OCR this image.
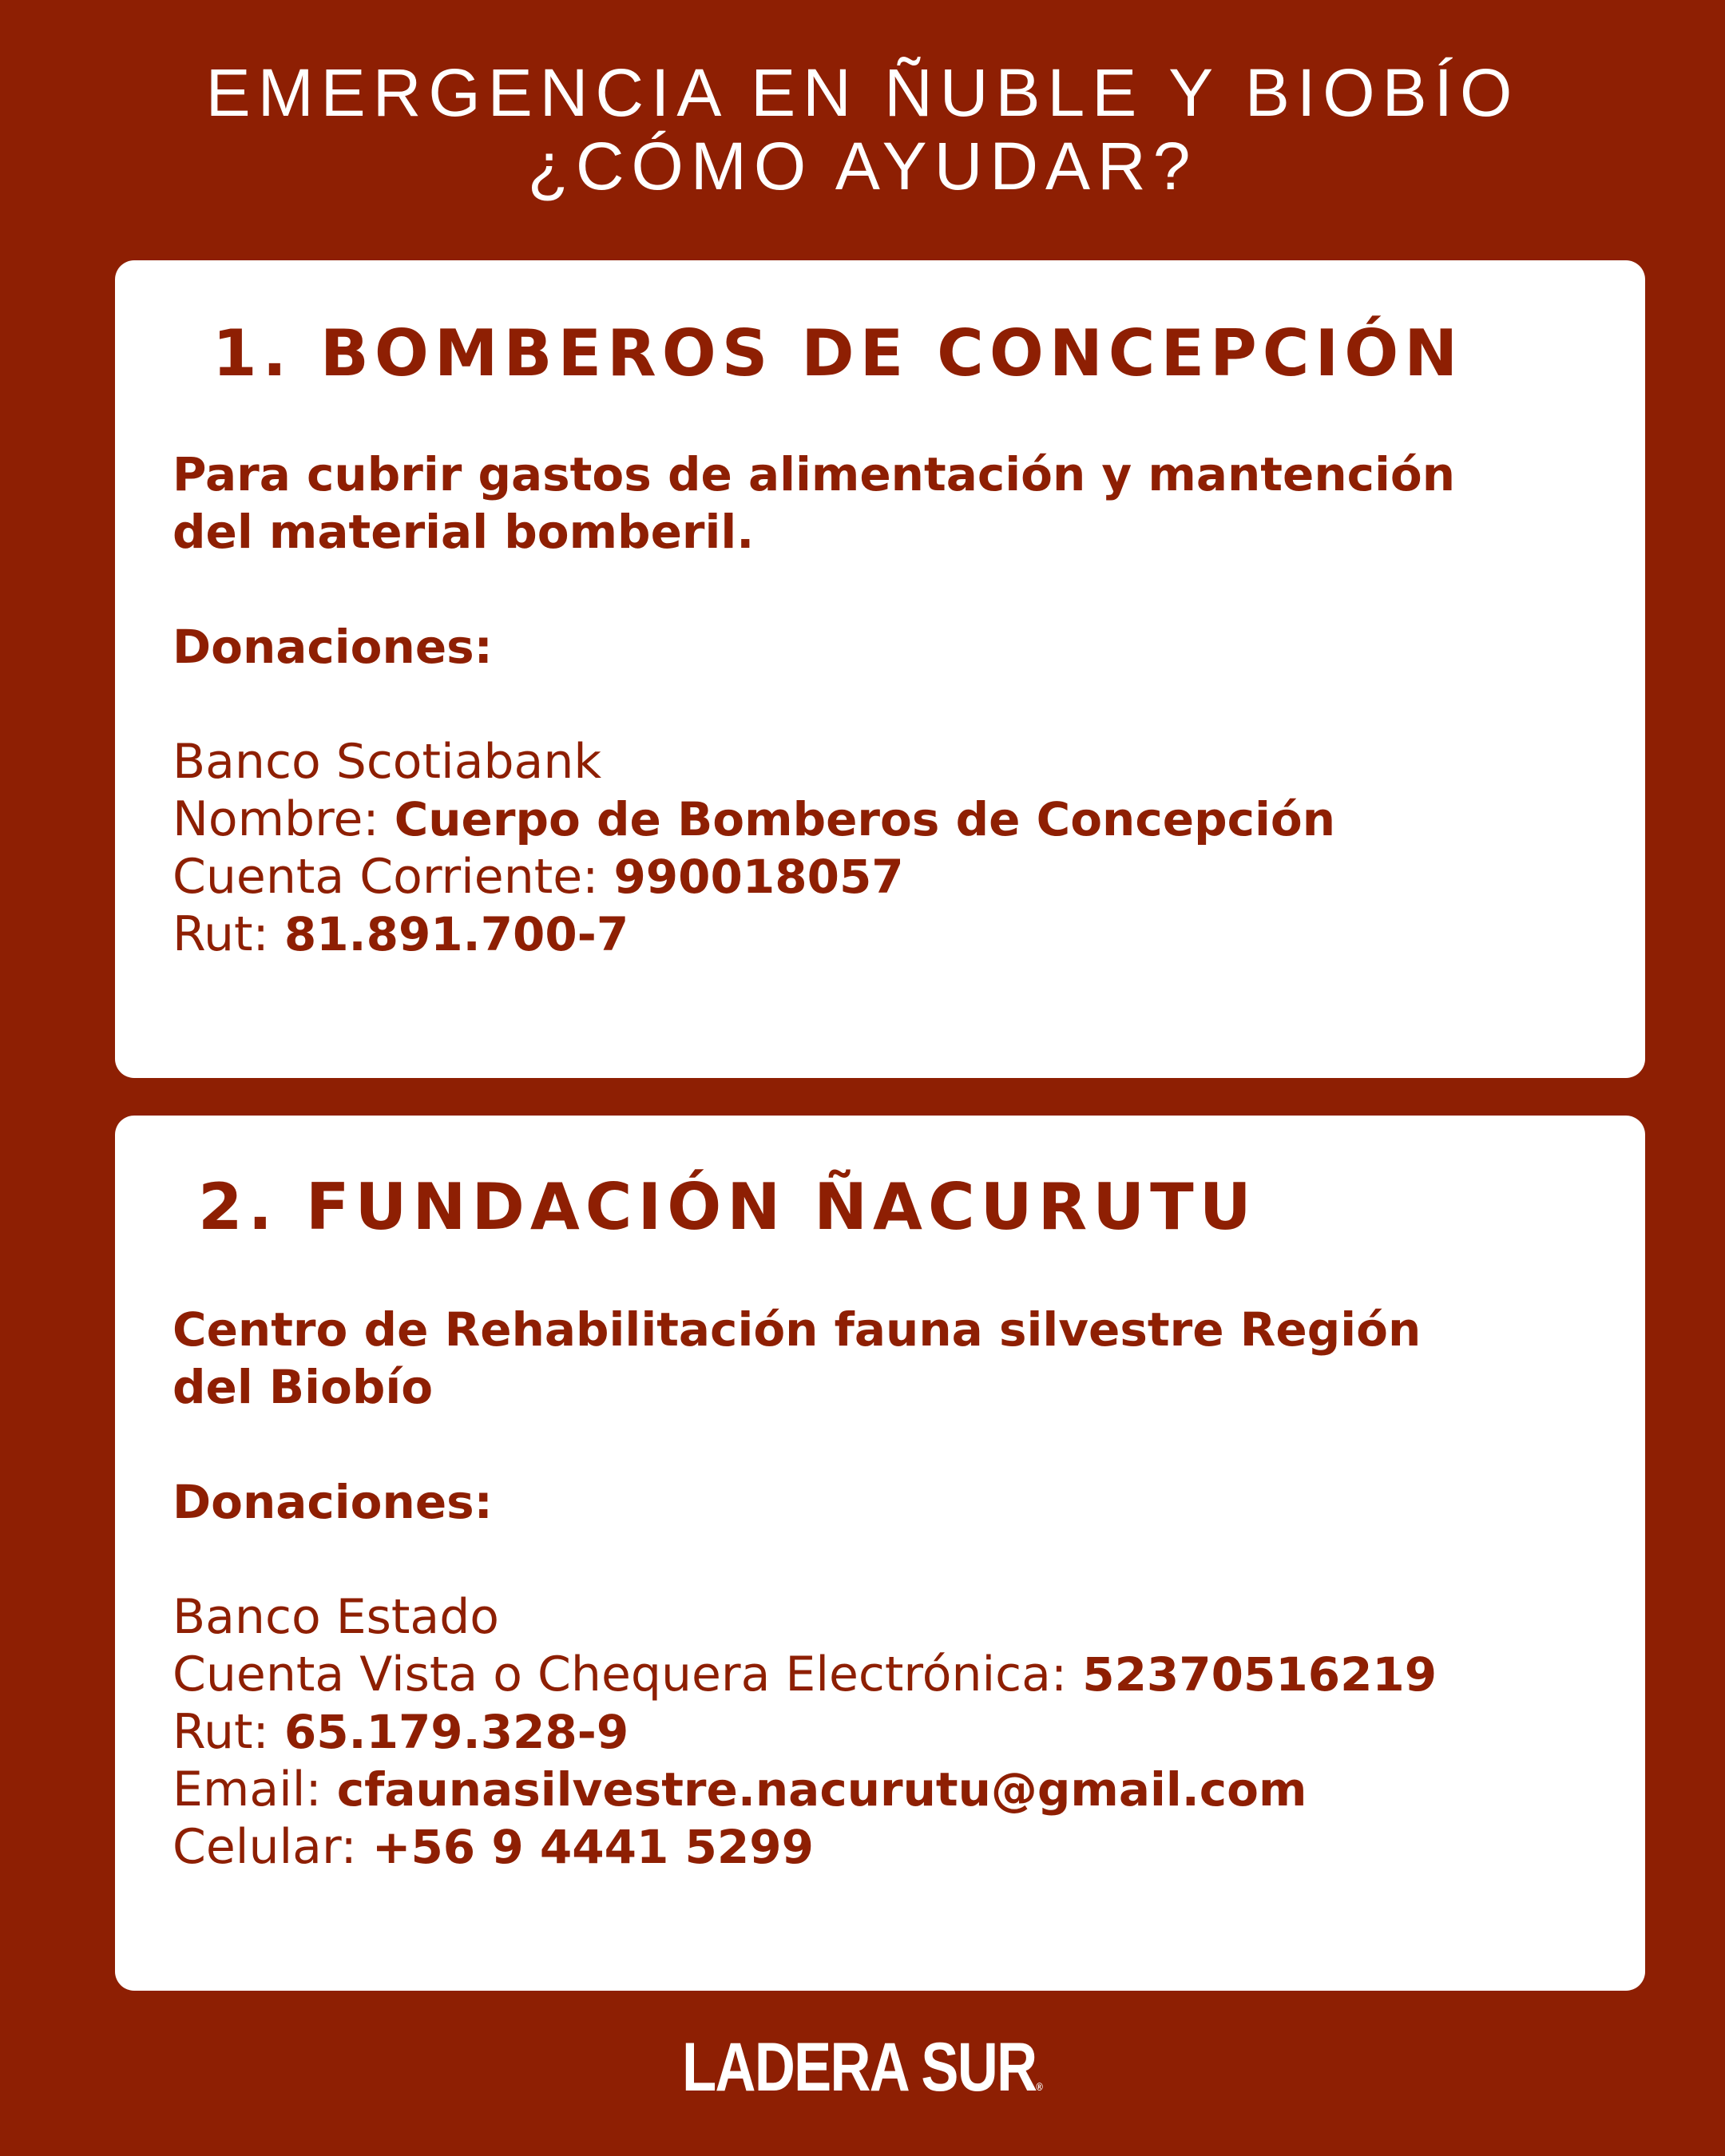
EMERGENCIA EN ÑUBLE Y BIOBÍO
¿CÓMO AYUDAR?
1. BOMBEROS DE CONCEPCIÓN
Para cubrir gastos de alimentación y mantención
del material bomberil.
Donaciones:
Banco Scotiabank
Nombre: Cuerpo de Bomberos de Concepción
Cuenta Corriente: 990018057
Rut: 81.891.700-7
2. FUNDACIÓN ÑACURUTU
Centro de Rehabilitación fauna silvestre Región
del Biobío
Donaciones:
Banco Estado
Cuenta Vista o Chequera Electrónica: 52370516219
Rut: 65.179.328-9
Email: cfaunasilvestre.nacurutu@gmail.com
Celular: +56 9 4441 5299
LADERA SUR®
